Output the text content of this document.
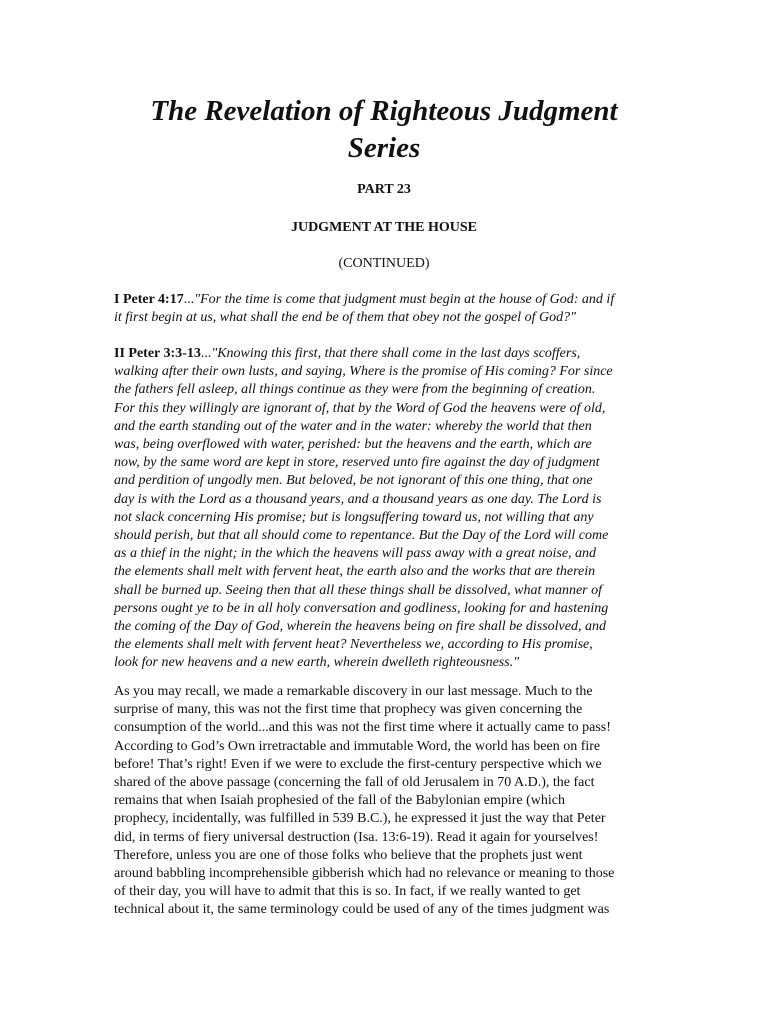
The Revelation of Righteous Judgment
Series
PART 23
JUDGMENT AT THE HOUSE
(CONTINUED)
I Peter 4:17..."For the time is come that judgment must begin at the house of God: and if
it first begin at us, what shall the end be of them that obey not the gospel of God?"
II Peter 3:3-13..."Knowing this first, that there shall come in the last days scoffers,
walking after their own lusts, and saying, Where is the promise of His coming? For since
the fathers fell asleep, all things continue as they were from the beginning of creation.
For this they willingly are ignorant of, that by the Word of God the heavens were of old,
and the earth standing out of the water and in the water: whereby the world that then
was, being overflowed with water, perished: but the heavens and the earth, which are
now, by the same word are kept in store, reserved unto fire against the day of judgment
and perdition of ungodly men. But beloved, be not ignorant of this one thing, that one
day is with the Lord as a thousand years, and a thousand years as one day. The Lord is
not slack concerning His promise; but is longsuffering toward us, not willing that any
should perish, but that all should come to repentance. But the Day of the Lord will come
as a thief in the night; in the which the heavens will pass away with a great noise, and
the elements shall melt with fervent heat, the earth also and the works that are therein
shall be burned up. Seeing then that all these things shall be dissolved, what manner of
persons ought ye to be in all holy conversation and godliness, looking for and hastening
the coming of the Day of God, wherein the heavens being on fire shall be dissolved, and
the elements shall melt with fervent heat? Nevertheless we, according to His promise,
look for new heavens and a new earth, wherein dwelleth righteousness."
As you may recall, we made a remarkable discovery in our last message. Much to the
surprise of many, this was not the first time that prophecy was given concerning the
consumption of the world...and this was not the first time where it actually came to pass!
According to God’s Own irretractable and immutable Word, the world has been on fire
before! That’s right! Even if we were to exclude the first-century perspective which we
shared of the above passage (concerning the fall of old Jerusalem in 70 A.D.), the fact
remains that when Isaiah prophesied of the fall of the Babylonian empire (which
prophecy, incidentally, was fulfilled in 539 B.C.), he expressed it just the way that Peter
did, in terms of fiery universal destruction (Isa. 13:6-19). Read it again for yourselves!
Therefore, unless you are one of those folks who believe that the prophets just went
around babbling incomprehensible gibberish which had no relevance or meaning to those
of their day, you will have to admit that this is so. In fact, if we really wanted to get
technical about it, the same terminology could be used of any of the times judgment was
